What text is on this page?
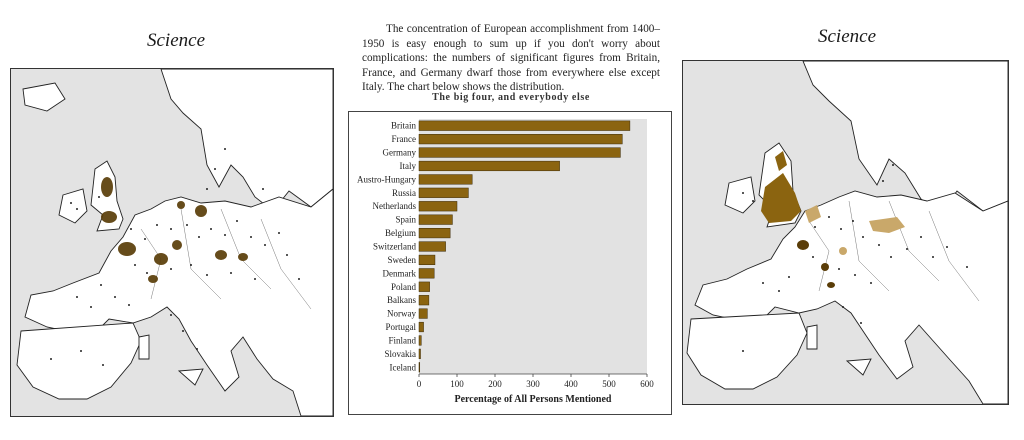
Science
The concentration of European accomplishment from 1400–1950 is easy enough to sum up if you don't worry about complications: the numbers of significant figures from Britain, France, and Germany dwarf those from everywhere else except Italy. The chart below shows the distribution.
The big four, and everybody else
Britain
France
Germany
Italy
Austro-Hungary
Russia
Netherlands
Spain
Belgium
Switzerland
Sweden
Denmark
Poland
Balkans
Norway
Portugal
Finland
Slovakia
Iceland
0	100	200	300	400	500	600
Percentage of All Persons Mentioned
Science
